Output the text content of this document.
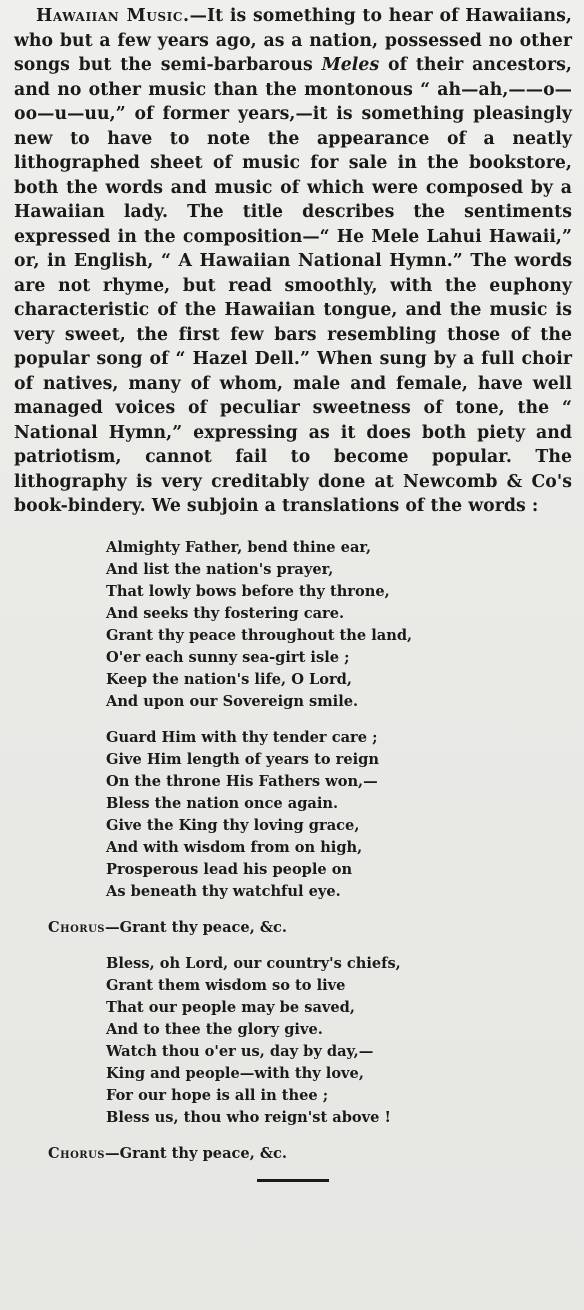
Hawaiian Music.—It is something to hear of Hawaiians, who but a few years ago, as a nation, possessed no other songs but the semi-barbarous Meles of their ancestors, and no other music than the montonous “ ah—ah,——o—oo—u—uu,” of former years,—it is something pleasingly new to have to note the appearance of a neatly lithographed sheet of music for sale in the bookstore, both the words and music of which were composed by a Hawaiian lady. The title describes the sentiments expressed in the composition—“ He Mele Lahui Hawaii,” or, in English, “ A Hawaiian National Hymn.” The words are not rhyme, but read smoothly, with the euphony characteristic of the Hawaiian tongue, and the music is very sweet, the first few bars resembling those of the popular song of “ Hazel Dell.” When sung by a full choir of natives, many of whom, male and female, have well managed voices of peculiar sweetness of tone, the “ National Hymn,” expressing as it does both piety and patriotism, cannot fail to become popular. The lithography is very creditably done at Newcomb & Co's book-bindery. We subjoin a translations of the words :

Almighty Father, bend thine ear,
And list the nation's prayer,
That lowly bows before thy throne,
And seeks thy fostering care.
Grant thy peace throughout the land,
O'er each sunny sea-girt isle ;
Keep the nation's life, O Lord,
And upon our Sovereign smile.
Guard Him with thy tender care ;
Give Him length of years to reign
On the throne His Fathers won,—
Bless the nation once again.
Give the King thy loving grace,
And with wisdom from on high,
Prosperous lead his people on
As beneath thy watchful eye.
Chorus—Grant thy peace, &c.
Bless, oh Lord, our country's chiefs,
Grant them wisdom so to live
That our people may be saved,
And to thee the glory give.
Watch thou o'er us, day by day,—
King and people—with thy love,
For our hope is all in thee ;
Bless us, thou who reign'st above !
Chorus—Grant thy peace, &c.
